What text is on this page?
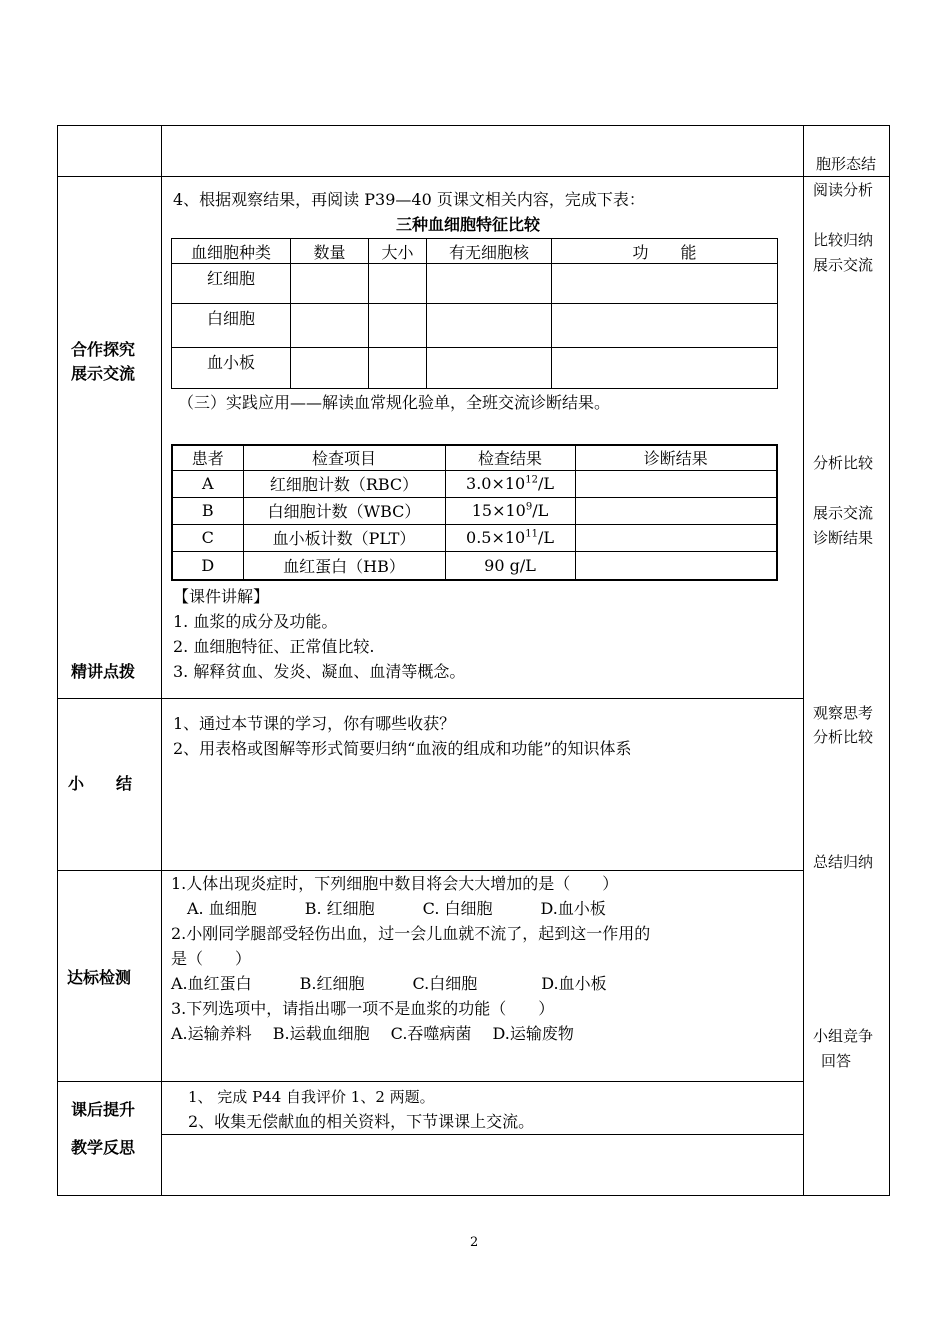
胞形态结
合作探究
展示交流
4、根据观察结果，再阅读 P39—40 页课文相关内容，完成下表：
三种血细胞特征比较
血细胞种类	数量	大小	有无细胞核	功　　能
红细胞				
白细胞				
血小板				
（三）实践应用——解读血常规化验单，全班交流诊断结果。
患者	检查项目	检查结果	诊断结果
A	红细胞计数（RBC）	$3.0\times 10^{12}/L$	
B	白细胞计数（WBC）	$15\times 10^9/L$	
C	血小板计数（PLT）	$0.5\times 10^{11}/L$	
D	血红蛋白（HB）	90 g/L	
阅读分析
比较归纳
展示交流
分析比较
展示交流
诊断结果
【课件讲解】
1. 血浆的成分及功能。
2. 血细胞特征、正常值比较.
3. 解释贫血、发炎、凝血、血清等概念。
精讲点拨
小　　结
1、通过本节课的学习，你有哪些收获？
2、用表格或图解等形式简要归纳“血液的组成和功能”的知识体系
观察思考
分析比较
总结归纳
达标检测
1.人体出现炎症时，下列细胞中数目将会大大增加的是（　　）
　A. 血细胞　　　B. 红细胞　　　C. 白细胞　　　D.血小板
2.小刚同学腿部受轻伤出血，过一会儿血就不流了，起到这一作用的
是（　　）
A.血红蛋白　　　B.红细胞　　　C.白细胞　　　　D.血小板
3.下列选项中，请指出哪一项不是血浆的功能（　　）
A.运输养料　 B.运载血细胞　 C.吞噬病菌　 D.运输废物	小组竞争
回答
课后提升
1、 完成 P44 自我评价 1、2 两题。
2、收集无偿献血的相关资料，下节课课上交流。
教学反思
2
